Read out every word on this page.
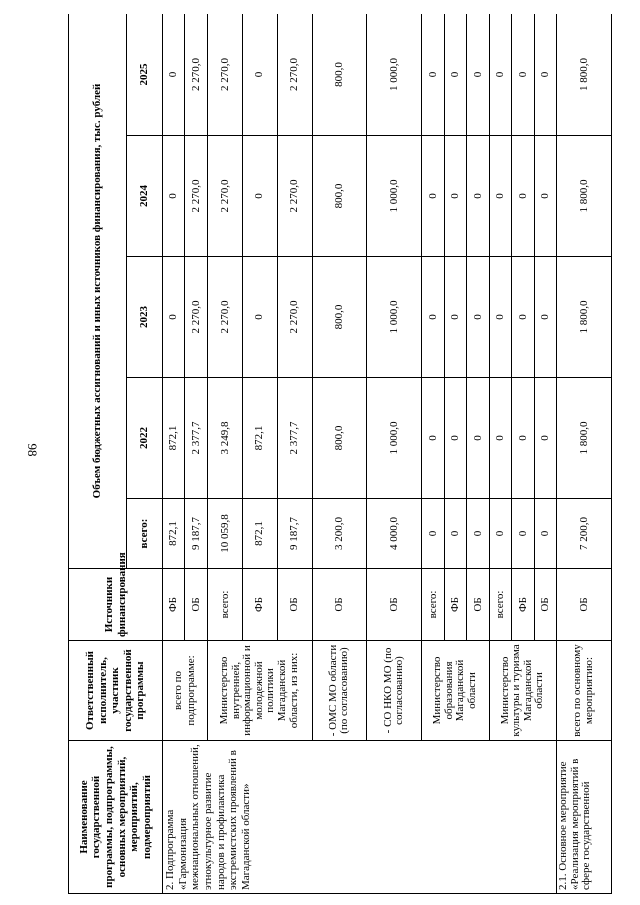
98
Наименование государственной программы, подпрограммы, основных мероприятий, мероприятий, подмероприятий	Ответственный исполнитель, участник государственной программы	Источники финансирования	Объем бюджетных ассигнований и иных источников финансирования, тыс. рублей				
			всего:	2022	2023	2024	2025
2. Подпрограмма «Гармонизация межнациональных отношений, этнокультурное развитие народов и профилактика экстремистских проявлений в Магаданской области»	всего по подпрограмме:	ФБ	872,1	872,1	0	0	0
		ОБ	9 187,7	2 377,7	2 270,0	2 270,0	2 270,0
	Министерство внутренней, информационной и молодежной политики Магаданской области, из них:	всего:	10 059,8	3 249,8	2 270,0	2 270,0	2 270,0
		ФБ	872,1	872,1	0	0	0
		ОБ	9 187,7	2 377,7	2 270,0	2 270,0	2 270,0
	- ОМС МО области (по согласованию)	ОБ	3 200,0	800,0	800,0	800,0	800,0
	- СО НКО МО (по согласованию)	ОБ	4 000,0	1 000,0	1 000,0	1 000,0	1 000,0
	Министерство образования Магаданской области	всего:	0	0	0	0	0
		ФБ	0	0	0	0	0
		ОБ	0	0	0	0	0
	Министерство культуры и туризма Магаданской области	всего:	0	0	0	0	0
		ФБ	0	0	0	0	0
		ОБ	0	0	0	0	0
2.1. Основное мероприятие «Реализация мероприятий в сфере государственной	всего по основному мероприятию:	ОБ	7 200,0	1 800,0	1 800,0	1 800,0	1 800,0
